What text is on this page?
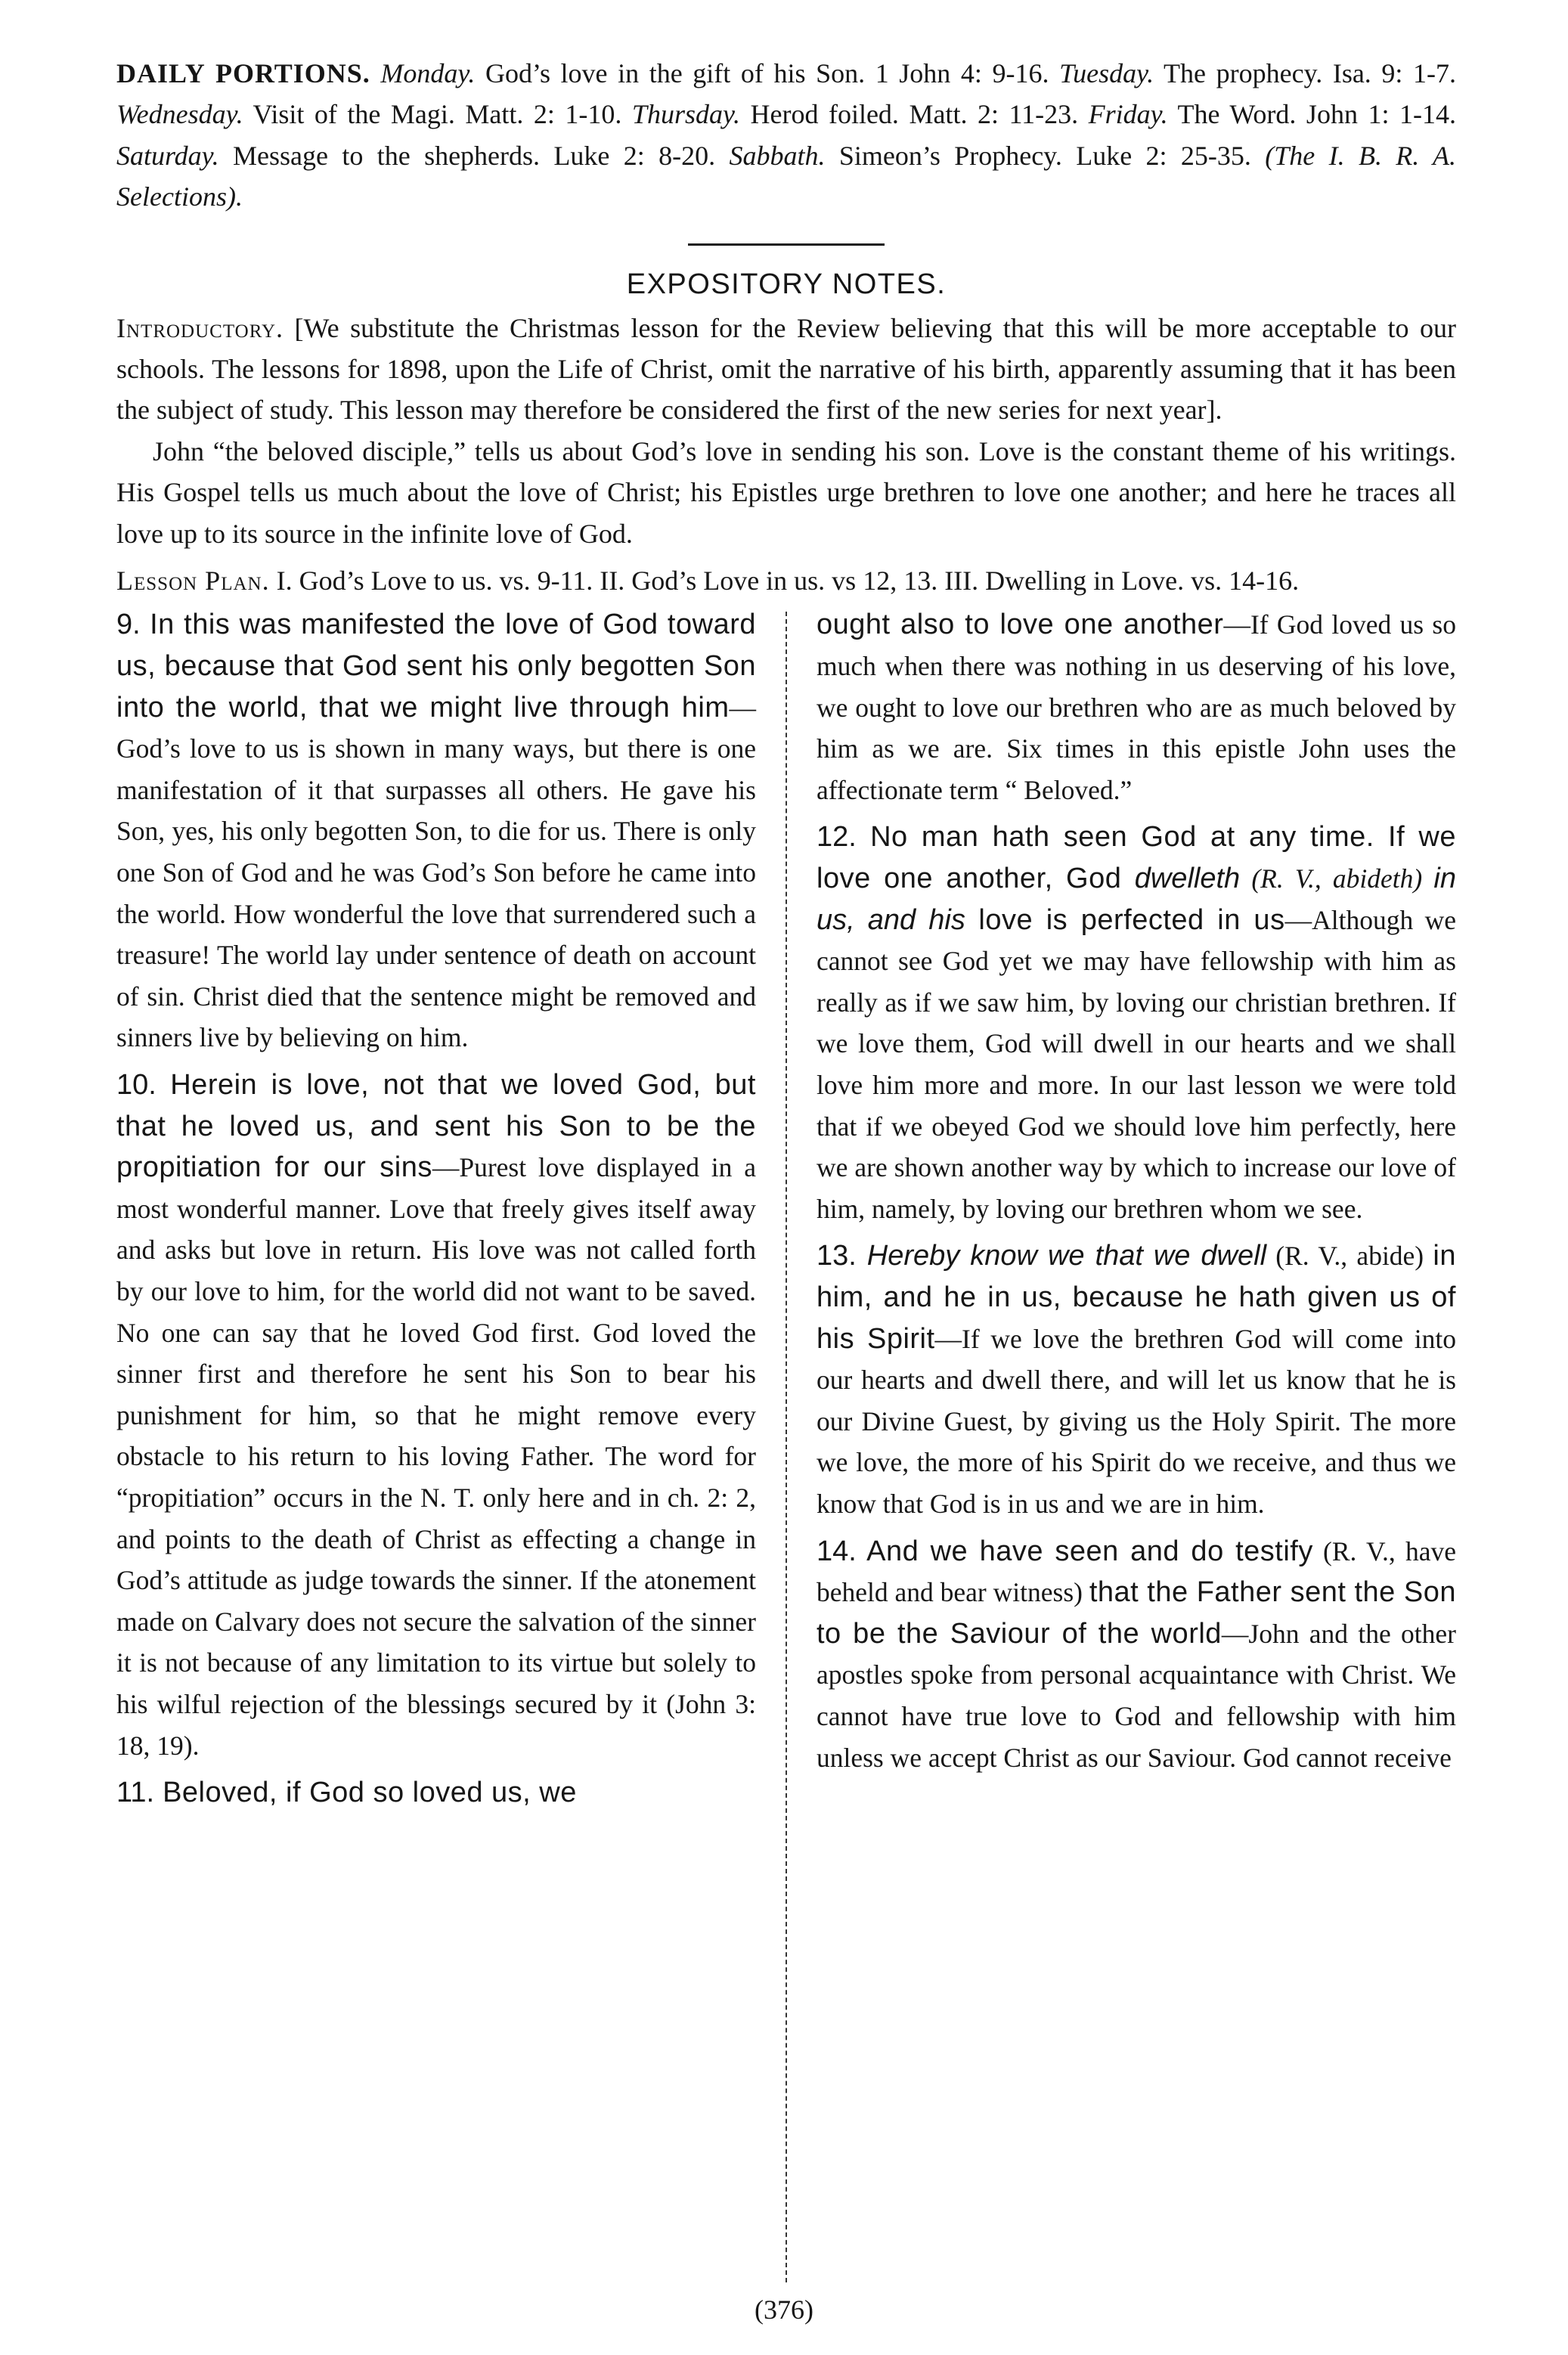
DAILY PORTIONS. Monday. God’s love in the gift of his Son. 1 John 4: 9-16. Tuesday. The prophecy. Isa. 9: 1-7. Wednesday. Visit of the Magi. Matt. 2: 1-10. Thursday. Herod foiled. Matt. 2: 11-23. Friday. The Word. John 1: 1-14. Saturday. Message to the shepherds. Luke 2: 8-20. Sabbath. Simeon’s Prophecy. Luke 2: 25-35. (The I. B. R. A. Selections).

EXPOSITORY NOTES.

Introductory. [We substitute the Christmas lesson for the Review believing that this will be more acceptable to our schools. The lessons for 1898, upon the Life of Christ, omit the narrative of his birth, apparently assuming that it has been the subject of study. This lesson may therefore be considered the first of the new series for next year].

John “the beloved disciple,” tells us about God’s love in sending his son. Love is the constant theme of his writings. His Gospel tells us much about the love of Christ; his Epistles urge brethren to love one another; and here he traces all love up to its source in the infinite love of God.

Lesson Plan. I. God’s Love to us. vs. 9-11. II. God’s Love in us. vs 12, 13. III. Dwelling in Love. vs. 14-16.

9. In this was manifested the love of God toward us, because that God sent his only begotten Son into the world, that we might live through him—God’s love to us is shown in many ways, but there is one manifestation of it that surpasses all others. He gave his Son, yes, his only begotten Son, to die for us. There is only one Son of God and he was God’s Son before he came into the world. How wonderful the love that surrendered such a treasure! The world lay under sentence of death on account of sin. Christ died that the sentence might be removed and sinners live by believing on him.

10. Herein is love, not that we loved God, but that he loved us, and sent his Son to be the propitiation for our sins—Purest love displayed in a most wonderful manner. Love that freely gives itself away and asks but love in return. His love was not called forth by our love to him, for the world did not want to be saved. No one can say that he loved God first. God loved the sinner first and therefore he sent his Son to bear his punishment for him, so that he might remove every obstacle to his return to his loving Father. The word for “propitiation” occurs in the N. T. only here and in ch. 2: 2, and points to the death of Christ as effecting a change in God’s attitude as judge towards the sinner. If the atonement made on Calvary does not secure the salvation of the sinner it is not because of any limitation to its virtue but solely to his wilful rejection of the blessings secured by it (John 3: 18, 19).

11. Beloved, if God so loved us, we

ought also to love one another—If God loved us so much when there was nothing in us deserving of his love, we ought to love our brethren who are as much beloved by him as we are. Six times in this epistle John uses the affectionate term “ Beloved.”

12. No man hath seen God at any time. If we love one another, God dwelleth (R. V., abideth) in us, and his love is perfected in us—Although we cannot see God yet we may have fellowship with him as really as if we saw him, by loving our christian brethren. If we love them, God will dwell in our hearts and we shall love him more and more. In our last lesson we were told that if we obeyed God we should love him perfectly, here we are shown another way by which to increase our love of him, namely, by loving our brethren whom we see.

13. Hereby know we that we dwell (R. V., abide) in him, and he in us, because he hath given us of his Spirit—If we love the brethren God will come into our hearts and dwell there, and will let us know that he is our Divine Guest, by giving us the Holy Spirit. The more we love, the more of his Spirit do we receive, and thus we know that God is in us and we are in him.

14. And we have seen and do testify (R. V., have beheld and bear witness) that the Father sent the Son to be the Saviour of the world—John and the other apostles spoke from personal acquaintance with Christ. We cannot have true love to God and fellowship with him unless we accept Christ as our Saviour. God cannot receive

(376)
